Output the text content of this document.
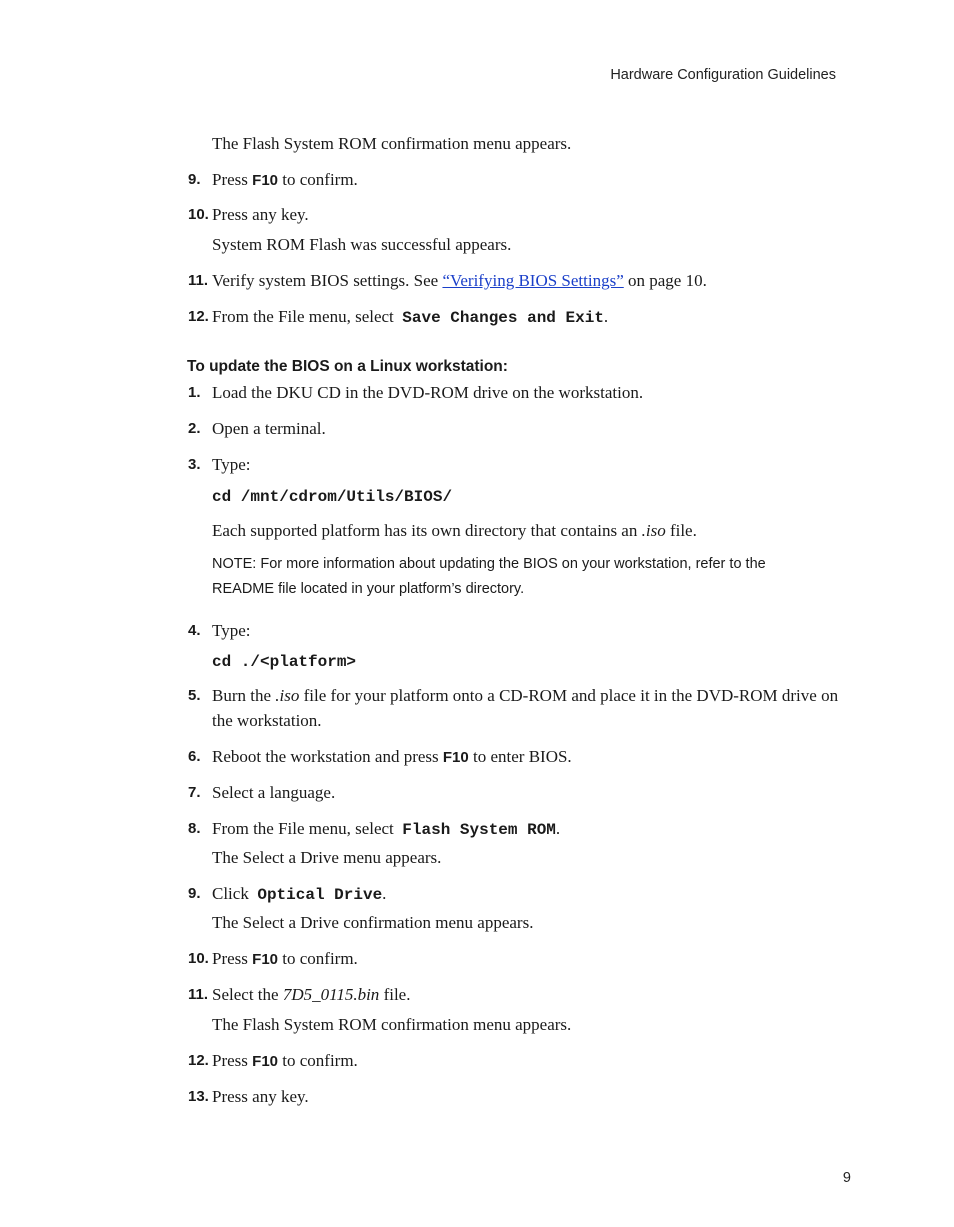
Hardware Configuration Guidelines
The Flash System ROM confirmation menu appears.
9. Press F10 to confirm.
10. Press any key.
System ROM Flash was successful appears.
11. Verify system BIOS settings. See “Verifying BIOS Settings” on page 10.
12. From the File menu, select Save Changes and Exit.
To update the BIOS on a Linux workstation:
1. Load the DKU CD in the DVD-ROM drive on the workstation.
2. Open a terminal.
3. Type:
cd /mnt/cdrom/Utils/BIOS/
Each supported platform has its own directory that contains an .iso file.
NOTE: For more information about updating the BIOS on your workstation, refer to the
README file located in your platform’s directory.
4. Type:
cd ./<platform>
5. Burn the .iso file for your platform onto a CD-ROM and place it in the DVD-ROM drive on
the workstation.
6. Reboot the workstation and press F10 to enter BIOS.
7. Select a language.
8. From the File menu, select Flash System ROM.
The Select a Drive menu appears.
9. Click Optical Drive.
The Select a Drive confirmation menu appears.
10. Press F10 to confirm.
11. Select the 7D5_0115.bin file.
The Flash System ROM confirmation menu appears.
12. Press F10 to confirm.
13. Press any key.
9
